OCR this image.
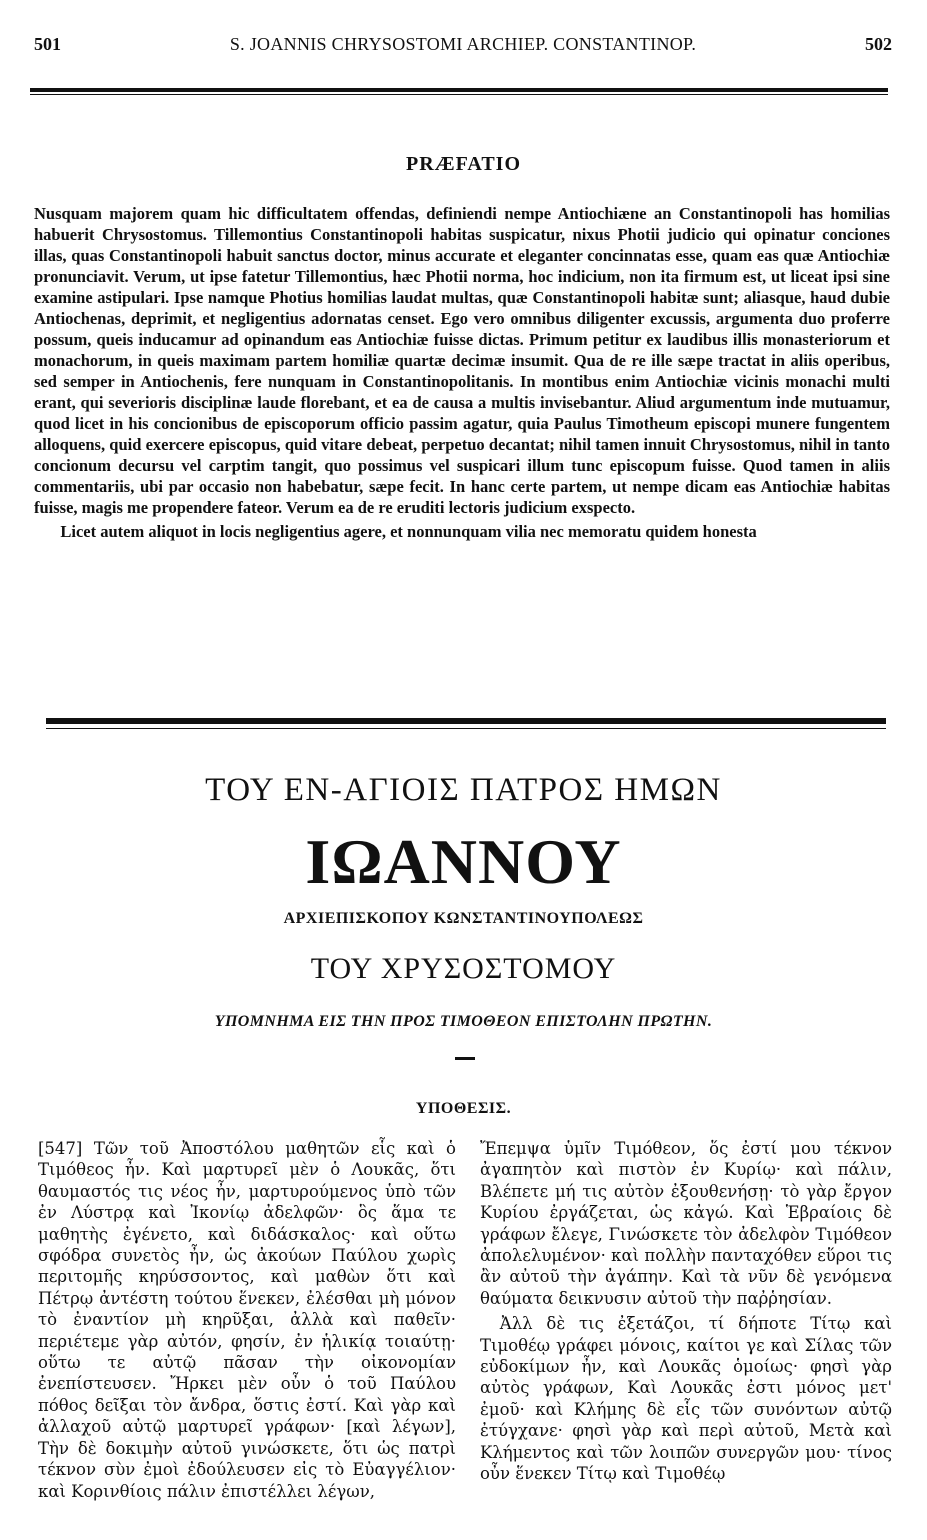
501	S. JOANNIS CHRYSOSTOMI ARCHIEP. CONSTANTINOP.	502
PRÆFATIO

Nusquam majorem quam hic difficultatem offendas, definiendi nempe Antiochiæne an Constantinopoli has homilias habuerit Chrysostomus. Tillemontius Constantinopoli habitas suspicatur, nixus Photii judicio qui opinatur conciones illas, quas Constantinopoli habuit sanctus doctor, minus accurate et eleganter concinnatas esse, quam eas quæ Antiochiæ pronunciavit. Verum, ut ipse fatetur Tillemontius, hæc Photii norma, hoc indicium, non ita firmum est, ut liceat ipsi sine examine astipulari. Ipse namque Photius homilias laudat multas, quæ Constantinopoli habitæ sunt; aliasque, haud dubie Antiochenas, deprimit, et negligentius adornatas censet. Ego vero omnibus diligenter excussis, argumenta duo proferre possum, queis inducamur ad opinandum eas Antiochiæ fuisse dictas. Primum petitur ex laudibus illis monasteriorum et monachorum, in queis maximam partem homiliæ quartæ decimæ insumit. Qua de re ille sæpe tractat in aliis operibus, sed semper in Antiochenis, fere nunquam in Constantinopolitanis. In montibus enim Antiochiæ vicinis monachi multi erant, qui severioris disciplinæ laude florebant, et ea de causa a multis invisebantur. Aliud argumentum inde mutuamur, quod licet in his concionibus de episcoporum officio passim agatur, quia Paulus Timotheum episcopi munere fungentem alloquens, quid exercere episcopus, quid vitare debeat, perpetuo decantat; nihil tamen innuit Chrysostomus, nihil in tanto concionum decursu vel carptim tangit, quo possimus vel suspicari illum tunc episcopum fuisse. Quod tamen in aliis commentariis, ubi par occasio non habebatur, sæpe fecit. In hanc certe partem, ut nempe dicam eas Antiochiæ habitas fuisse, magis me propendere fateor. Verum ea de re eruditi lectoris judicium exspecto.

Licet autem aliquot in locis negligentius agere, et nonnunquam vilia nec memoratu quidem honesta

ΤΟΥ ΕΝ-ΑΓΙΟΙΣ ΠΑΤΡΟΣ ΗΜΩΝ
ΙΩΑΝΝΟΥ
ΑΡΧΙΕΠΙΣΚΟΠΟΥ ΚΩΝΣΤΑΝΤΙΝΟΥΠΟΛΕΩΣ
ΤΟΥ ΧΡΥΣΟΣΤΟΜΟΥ
ΥΠΟΜΝΗΜΑ ΕΙΣ ΤΗΝ ΠΡΟΣ ΤΙΜΟΘΕΟΝ ΕΠΙΣΤΟΛΗΝ ΠΡΩΤΗΝ.
ΥΠΟΘΕΣΙΣ.

[547] Τῶν τοῦ Ἀποστόλου μαθητῶν εἷς καὶ ὁ Τιμόθεος ἦν. Καὶ μαρτυρεῖ μὲν ὁ Λουκᾶς, ὅτι θαυμαστός τις νέος ἦν, μαρτυρούμενος ὑπὸ τῶν ἐν Λύστρᾳ καὶ Ἰκονίῳ ἀδελφῶν· ὃς ἅμα τε μαθητὴς ἐγένετο, καὶ διδάσκαλος· καὶ οὕτω σφόδρα συνετὸς ἦν, ὡς ἀκούων Παύλου χωρὶς περιτομῆς κηρύσσοντος, καὶ μαθὼν ὅτι καὶ Πέτρῳ ἀντέστη τούτου ἕνεκεν, ἐλέσθαι μὴ μόνον τὸ ἐναντίον μὴ κηρῦξαι, ἀλλὰ καὶ παθεῖν· περιέτεμε γὰρ αὐτόν, φησίν, ἐν ἡλικίᾳ τοιαύτῃ· οὕτω τε αὐτῷ πᾶσαν τὴν οἰκονομίαν ἐνεπίστευσεν. Ἤρκει μὲν οὖν ὁ τοῦ Παύλου πόθος δεῖξαι τὸν ἄνδρα, ὅστις ἐστί. Καὶ γὰρ καὶ ἀλλαχοῦ αὐτῷ μαρτυρεῖ γράφων· [καὶ λέγων], Τὴν δὲ δοκιμὴν αὐτοῦ γινώσκετε, ὅτι ὡς πατρὶ τέκνον σὺν ἐμοὶ ἐδούλευσεν εἰς τὸ Εὐαγγέλιον· καὶ Κορινθίοις πάλιν ἐπιστέλλει λέγων,

Ἔπεμψα ὑμῖν Τιμόθεον, ὅς ἐστί μου τέκνον ἀγαπητὸν καὶ πιστὸν ἐν Κυρίῳ· καὶ πάλιν, Βλέπετε μή τις αὐτὸν ἐξουθενήσῃ· τὸ γὰρ ἔργον Κυρίου ἐργάζεται, ὡς κἀγώ. Καὶ Ἑβραίοις δὲ γράφων ἔλεγε, Γινώσκετε τὸν ἀδελφὸν Τιμόθεον ἀπολελυμένον· καὶ πολλὴν πανταχόθεν εὕροι τις ἂν αὐτοῦ τὴν ἀγάπην. Καὶ τὰ νῦν δὲ γενόμενα θαύματα δεικνυσιν αὐτοῦ τὴν παῤῥησίαν.

Ἀλλ δὲ τις ἐξετάζοι, τί δήποτε Τίτῳ καὶ Τιμοθέῳ γράφει μόνοις, καίτοι γε καὶ Σίλας τῶν εὐδοκίμων ἦν, καὶ Λουκᾶς ὁμοίως· φησὶ γὰρ αὐτὸς γράφων, Καὶ Λουκᾶς ἐστι μόνος μετ' ἐμοῦ· καὶ Κλήμης δὲ εἷς τῶν συνόντων αὐτῷ ἐτύγχανε· φησὶ γὰρ καὶ περὶ αὐτοῦ, Μετὰ καὶ Κλήμεντος καὶ τῶν λοιπῶν συνεργῶν μου· τίνος οὖν ἕνεκεν Τίτῳ καὶ Τιμοθέῳ
